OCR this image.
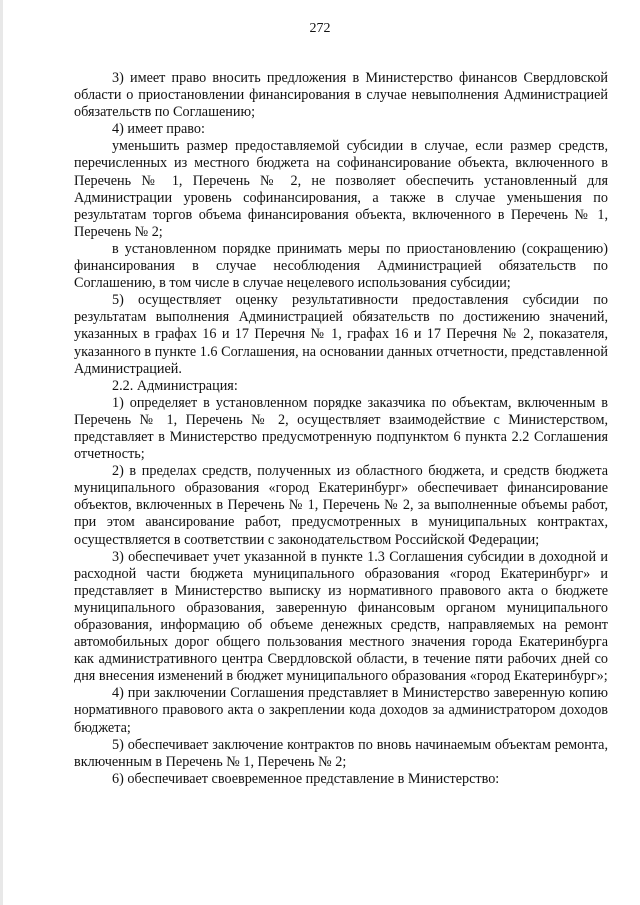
272

3) имеет право вносить предложения в Министерство финансов Свердловской области о приостановлении финансирования в случае невыполнения Администрацией обязательств по Соглашению;

4) имеет право:

уменьшить размер предоставляемой субсидии в случае, если размер средств, перечисленных из местного бюджета на софинансирование объекта, включенного в Перечень № 1, Перечень № 2, не позволяет обеспечить установленный для Администрации уровень софинансирования, а также в случае уменьшения по результатам торгов объема финансирования объекта, включенного в Перечень № 1, Перечень № 2;

в установленном порядке принимать меры по приостановлению (сокращению) финансирования в случае несоблюдения Администрацией обязательств по Соглашению, в том числе в случае нецелевого использования субсидии;

5) осуществляет оценку результативности предоставления субсидии по результатам выполнения Администрацией обязательств по достижению значений, указанных в графах 16 и 17 Перечня № 1, графах 16 и 17 Перечня № 2, показателя, указанного в пункте 1.6 Соглашения, на основании данных отчетности, представленной Администрацией.

2.2. Администрация:

1) определяет в установленном порядке заказчика по объектам, включенным в Перечень № 1, Перечень № 2, осуществляет взаимодействие с Министерством, представляет в Министерство предусмотренную подпунктом 6 пункта 2.2 Соглашения отчетность;

2) в пределах средств, полученных из областного бюджета, и средств бюджета муниципального образования «город Екатеринбург» обеспечивает финансирование объектов, включенных в Перечень № 1, Перечень № 2, за выполненные объемы работ, при этом авансирование работ, предусмотренных в муниципальных контрактах, осуществляется в соответствии с законодательством Российской Федерации;

3) обеспечивает учет указанной в пункте 1.3 Соглашения субсидии в доходной и расходной части бюджета муниципального образования «город Екатеринбург» и представляет в Министерство выписку из нормативного правового акта о бюджете муниципального образования, заверенную финансовым органом муниципального образования, информацию об объеме денежных средств, направляемых на ремонт автомобильных дорог общего пользования местного значения города Екатеринбурга как административного центра Свердловской области, в течение пяти рабочих дней со дня внесения изменений в бюджет муниципального образования «город Екатеринбург»;

4) при заключении Соглашения представляет в Министерство заверенную копию нормативного правового акта о закреплении кода доходов за администратором доходов бюджета;

5) обеспечивает заключение контрактов по вновь начинаемым объектам ремонта, включенным в Перечень № 1, Перечень № 2;

6) обеспечивает своевременное представление в Министерство:
